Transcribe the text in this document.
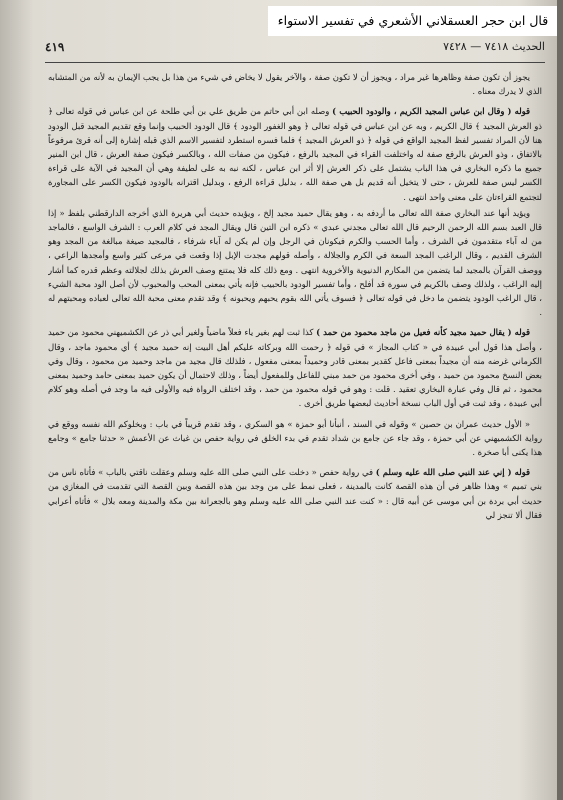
قال ابن حجر العسقلاني الأشعري في تفسير الاستواء
٤١٩	الحديث ٧٤١٨ — ٧٤٢٨

يجوز أن تكون صفة وظاهرها غير مراد ، ويجوز أن لا تكون صفة ، والآخر يقول لا يخاض في شيء من هذا بل يجب الإيمان به لأنه من المتشابه الذي لا يدرك معناه .

قوله ( وقال ابن عباس المجيد الكريم ، والودود الحبيب ) وصله ابن أبي حاتم من طريق علي بن أبي طلحة عن ابن عباس في قوله تعالى ﴿ ذو العرش المجيد ﴾ قال الكريم ، وبه عن ابن عباس في قوله تعالى ﴿ وهو الغفور الودود ﴾ قال الودود الحبيب وإنما وقع تقديم المجيد قبل الودود هنا لأن المراد تفسير لفظ المجيد الواقع في قوله ﴿ ذو العرش المجيد ﴾ فلما فسره استطرد لتفسير الاسم الذي قبله إشارة إلى أنه قرئ مرفوعاً بالاتفاق ، وذو العرش بالرفع صفة له واختلفت القراء في المجيد بالرفع ، فيكون من صفات الله ، وبالكسر فيكون صفة العرش ، قال ابن المنير جميع ما ذكره البخاري في هذا الباب يشتمل على ذكر العرش إلا أثر ابن عباس ، لكنه نبه به على لطيفة وهي أن المجيد في الآية على قراءة الكسر ليس صفة للعرش ، حتى لا يتخيل أنه قديم بل هي صفة الله ، بدليل قراءة الرفع ، وبدليل اقترانه بالودود فيكون الكسر على المجاورة لتجتمع القراءتان على معنى واحد انتهى .

ويؤيد أنها عند البخاري صفة الله تعالى ما أردفه به ، وهو يقال حميد مجيد إلخ ، ويؤيده حديث أبي هريرة الذي أخرجه الدارقطني بلفظ « إذا قال العبد بسم الله الرحمن الرحيم قال الله تعالى مجدني عبدي » ذكره ابن التين قال ويقال المجد في كلام العرب : الشرف الواسع ، فالماجد من له آباء متقدمون في الشرف ، وأما الحسب والكرم فيكونان في الرجل وإن لم يكن له آباء شرفاء ، فالمجيد صيغة مبالغة من المجد وهو الشرف القديم ، وقال الراغب المجد السعة في الكرم والجلالة ، وأصله قولهم مجدت الإبل إذا وقعت في مرعى كثير واسع وأمجدها الراعي ، ووصف القرآن بالمجيد لما يتضمن من المكارم الدنيوية والأخروية انتهى . ومع ذلك كله فلا يمتنع وصف العرش بذلك لجلالته وعظم قدره كما أشار إليه الراغب ، ولذلك وصف بالكريم في سورة قد أفلح ، وأما تفسير الودود بالحبيب فإنه يأتي بمعنى المحب والمحبوب لأن أصل الود محبة الشيء ، قال الراغب الودود يتضمن ما دخل في قوله تعالى ﴿ فسوف يأتي الله بقوم يحبهم ويحبونه ﴾ وقد تقدم معنى محبة الله تعالى لعباده ومحبتهم له .

قوله ( يقال حميد مجيد كأنه فعيل من ماجد محمود من حمد ) كذا ثبت لهم بغير ياء فعلاً ماضياً ولغير أبي ذر عن الكشميهني محمود من حميد ، وأصل هذا قول أبي عبيدة في « كتاب المجاز » في قوله ﴿ رحمت الله وبركاته عليكم أهل البيت إنه حميد مجيد ﴾ أي محمود ماجد ، وقال الكرماني غرضه منه أن مجيداً بمعنى فاعل كقدير بمعنى قادر وحميداً بمعنى مفعول ، فلذلك قال مجيد من ماجد وحميد من محمود ، وقال وفي بعض النسخ محمود من حميد ، وفي أخرى محمود من حمد مبني للفاعل وللمفعول أيضاً ، وذلك لاحتمال أن يكون حميد بمعنى حامد وحميد بمعنى محمود ، ثم قال وفي عبارة البخاري تعقيد . قلت : وهو في قوله محمود من حمد ، وقد اختلف الرواة فيه والأولى فيه ما وجد في أصله وهو كلام أبي عبيدة ، وقد ثبت في أول الباب نسخة أحاديث لبعضها طريق أخرى .

« الأول حديث عمران بن حصين » وقوله في السند ، أنبأنا أبو حمزة » هو السكري ، وقد تقدم قريباً في باب : وبخلوكم الله نفسه ووقع في رواية الكشميهني عن أبي حمزة ، وقد جاء عن جامع بن شداد تقدم في بدء الخلق في رواية حفص بن غياث عن الأعمش « حدثنا جامع » وجامع هذا يكنى أبا صخرة .

قوله ( إني عند النبي صلى الله عليه وسلم ) في رواية حفص « دخلت على النبي صلى الله عليه وسلم وعقلت ناقتي بالباب » فأتاه ناس من بني تميم » وهذا ظاهر في أن هذه القصة كانت بالمدينة ، فعلى نمط على من وجد بين هذه القصة وبين القصة التي تقدمت في المغازي من حديث أبي بردة بن أبي موسى عن أبيه قال : « كنت عند النبي صلى الله عليه وسلم وهو بالجعرانة بين مكة والمدينة ومعه بلال » فأتاه أعرابي فقال ألا تنجز لي
